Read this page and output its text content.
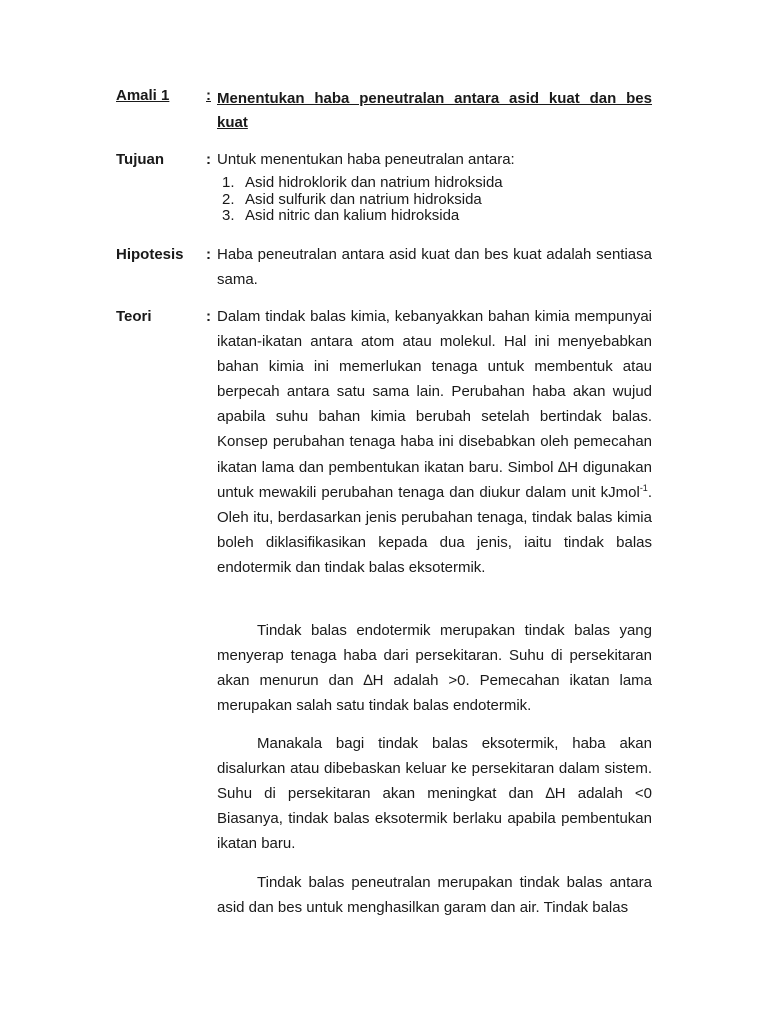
Amali 1 : Menentukan haba peneutralan antara asid kuat dan bes
kuat
Tujuan	: Untuk menentukan haba peneutralan antara:
1. Asid hidroklorik dan natrium hidroksida
2. Asid sulfurik dan natrium hidroksida
3. Asid nitric dan kalium hidroksida
Hipotesis : Haba peneutralan antara asid kuat dan bes kuat adalah sentiasa sama.

Teori	: Dalam tindak balas kimia, kebanyakkan bahan kimia mempunyai ikatan-ikatan antara atom atau molekul. Hal ini menyebabkan bahan kimia ini memerlukan tenaga untuk membentuk atau berpecah antara satu sama lain. Perubahan haba akan wujud apabila suhu bahan kimia berubah setelah bertindak balas. Konsep perubahan tenaga haba ini disebabkan oleh pemecahan ikatan lama dan pembentukan ikatan baru. Simbol ∆H digunakan untuk mewakili perubahan tenaga dan diukur dalam unit kJmol$^{-1}$. Oleh itu, berdasarkan jenis perubahan tenaga, tindak balas kimia boleh diklasifikasikan kepada dua jenis, iaitu tindak balas endotermik dan tindak balas eksotermik.

Tindak balas endotermik merupakan tindak balas yang menyerap tenaga haba dari persekitaran. Suhu di persekitaran akan menurun dan ∆H adalah >0. Pemecahan ikatan lama merupakan salah satu tindak balas endotermik.

Manakala bagi tindak balas eksotermik, haba akan disalurkan atau dibebaskan keluar ke persekitaran dalam sistem. Suhu di persekitaran akan meningkat dan ∆H adalah <0 Biasanya, tindak balas eksotermik berlaku apabila pembentukan ikatan baru.

Tindak balas peneutralan merupakan tindak balas antara asid dan bes untuk menghasilkan garam dan air. Tindak balas
